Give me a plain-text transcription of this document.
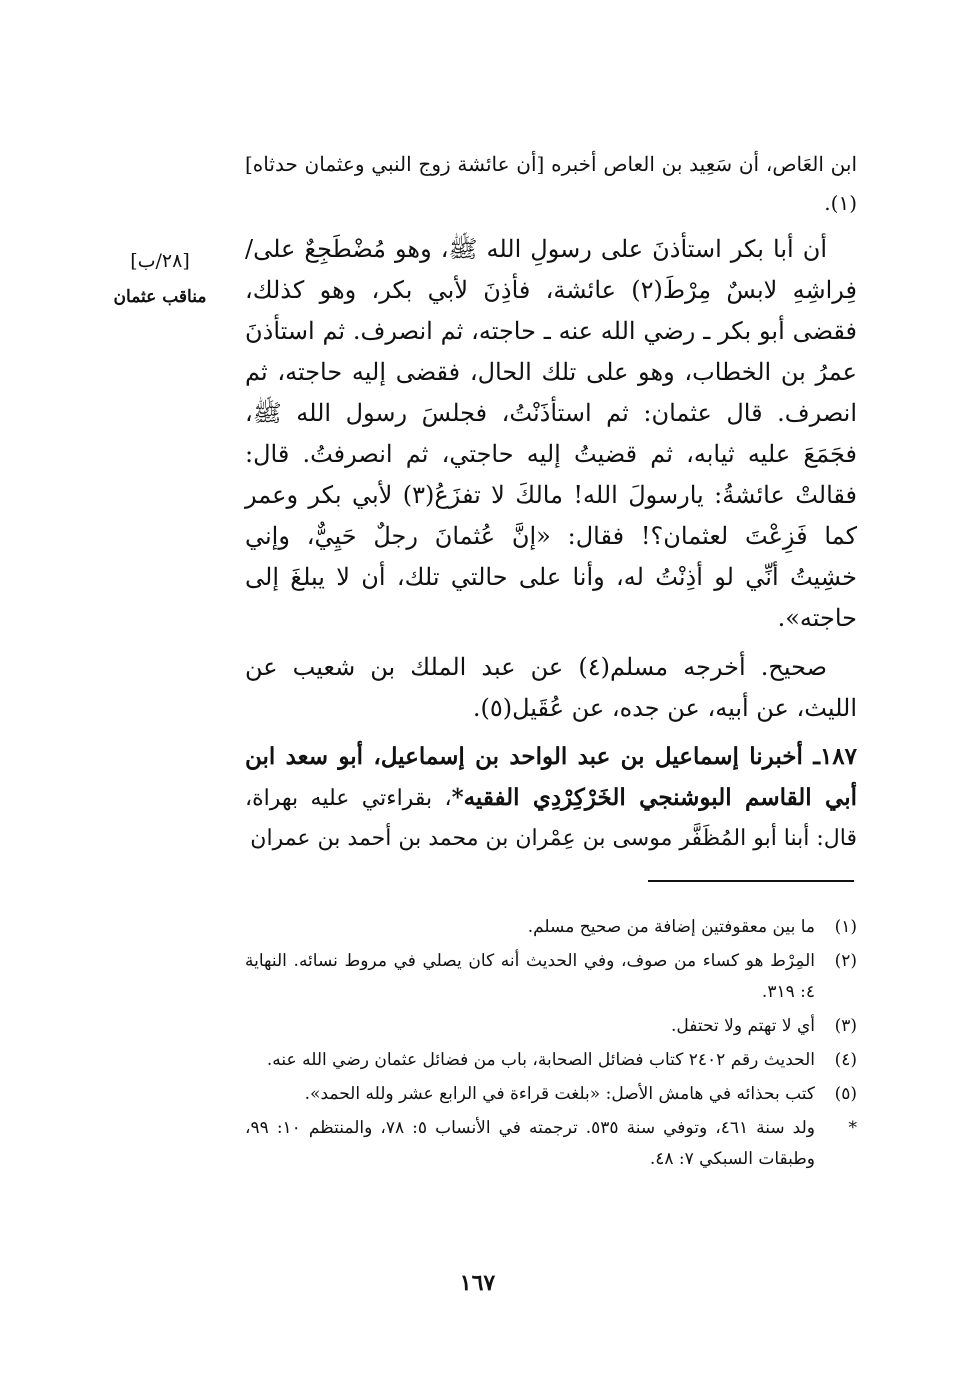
ابن العَاص، أن سَعِيد بن العاص أخبره [أن عائشة زوج النبي وعثمان حدثاه](١).

أن أبا بكر استأذنَ على رسولِ الله ﷺ، وهو مُضْطَجِعٌ على/ فِراشِهِ لابسٌ مِرْطَ(٢) عائشة، فأذِنَ لأبي بكر، وهو كذلك، فقضى أبو بكر ـ رضي الله عنه ـ حاجته، ثم انصرف. ثم استأذنَ عمرُ بن الخطاب، وهو على تلك الحال، فقضى إليه حاجته، ثم انصرف. قال عثمان: ثم استأذَنْتُ، فجلسَ رسول الله ﷺ، فجَمَعَ عليه ثيابه، ثم قضيتُ إليه حاجتي، ثم انصرفتُ. قال: فقالتْ عائشةُ: يارسولَ الله! مالكَ لا تفزَعُ(٣) لأبي بكر وعمر كما فَزِعْتَ لعثمان؟! فقال: «إنَّ عُثمانَ رجلٌ حَيِيٌّ، وإني خشِيتُ أنِّي لو أذِنْتُ له، وأنا على حالتي تلك، أن لا يبلغَ إلى حاجته».

صحيح. أخرجه مسلم(٤) عن عبد الملك بن شعيب عن الليث، عن أبيه، عن جده، عن عُقَيل(٥).

١٨٧ـ أخبرنا إسماعيل بن عبد الواحد بن إسماعيل، أبو سعد ابن أبي القاسم البوشنجي الخَرْكِرْدِي الفقيه*، بقراءتي عليه بهراة، قال: أبنا أبو المُظَفَّر موسى بن عِمْران بن محمد بن أحمد بن عمران

[٢٨/ب]
مناقب عثمان
(١)
ما بين معقوفتين إضافة من صحيح مسلم.
(٢)
المِرْط هو كساء من صوف، وفي الحديث أنه كان يصلي في مروط نسائه. النهاية ٤: ٣١٩.
(٣)
أي لا تهتم ولا تحتفل.
(٤)
الحديث رقم ٢٤٠٢ كتاب فضائل الصحابة، باب من فضائل عثمان رضي الله عنه.
(٥)
كتب بحذائه في هامش الأصل: «بلغت قراءة في الرابع عشر ولله الحمد».
*
ولد سنة ٤٦١، وتوفي سنة ٥٣٥. ترجمته في الأنساب ٥: ٧٨، والمنتظم ١٠: ٩٩، وطبقات السبكي ٧: ٤٨.
١٦٧
